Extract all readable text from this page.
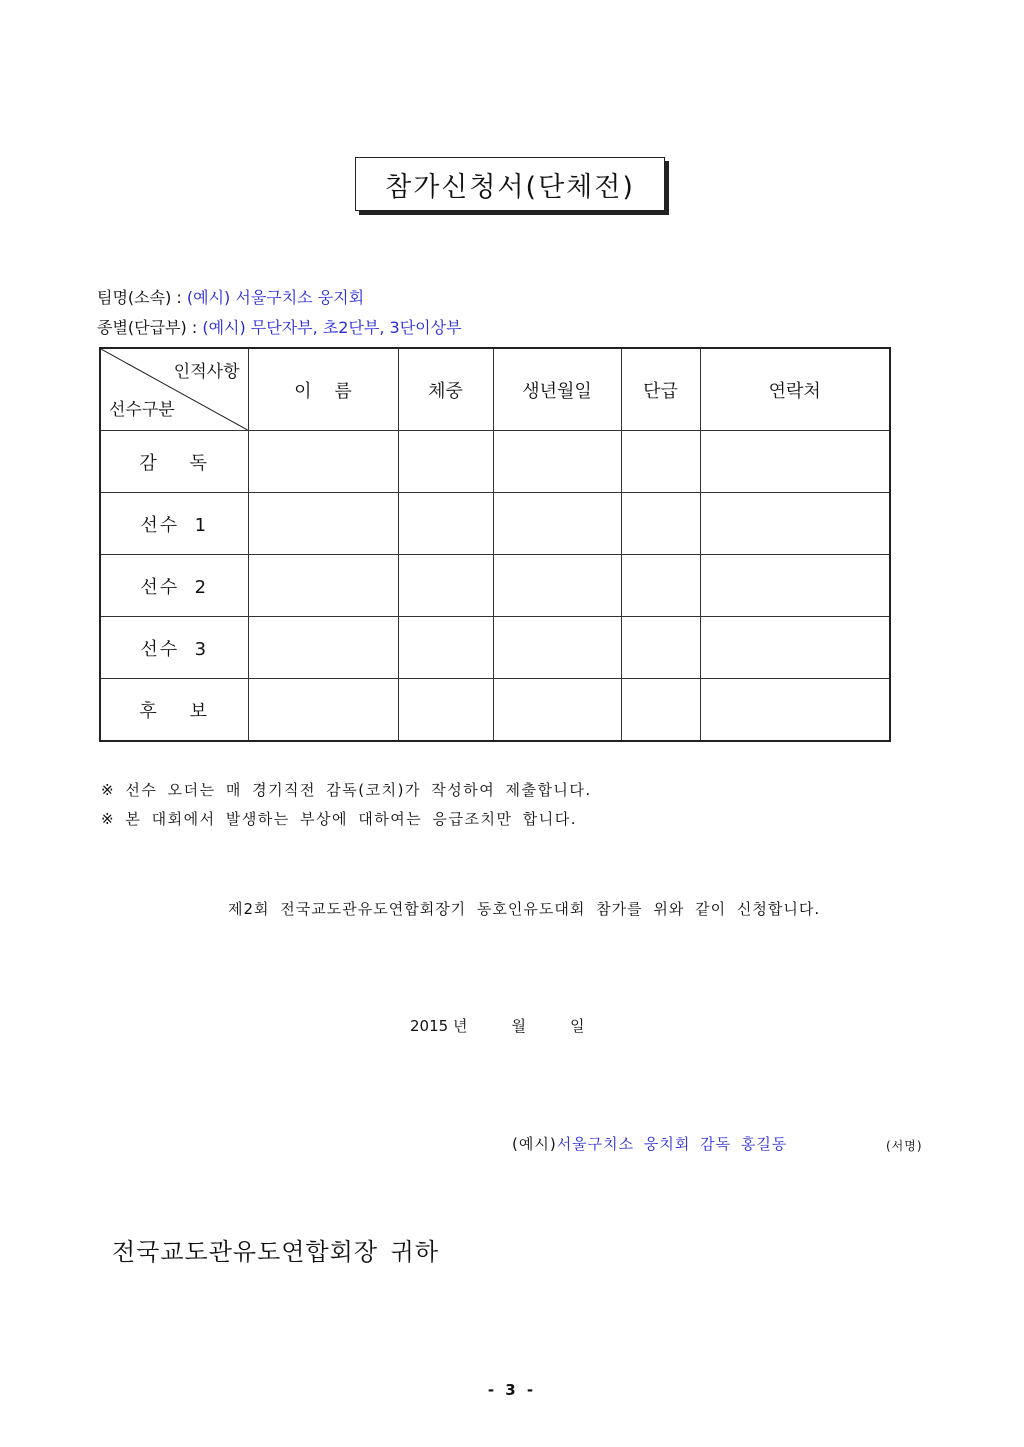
참가신청서(단체전)
팀명(소속) : (예시) 서울구치소 웅지회
종별(단급부) : (예시) 무단자부, 초2단부, 3단이상부
인적사항
선수구분	이    름	체중	생년월일	단급	연락처
감    독					
선수  1					
선수  2					
선수  3					
후    보					
※ 선수 오더는 매 경기직전 감독(코치)가 작성하여 제출합니다.
※ 본 대회에서 발생하는 부상에 대하여는 응급조치만 합니다.
제2회 전국교도관유도연합회장기 동호인유도대회 참가를 위와 같이 신청합니다.
2015 년	월	일
(예시)서울구치소 웅치회 감독 홍길동	(서명)
전국교도관유도연합회장 귀하
- 3 -
